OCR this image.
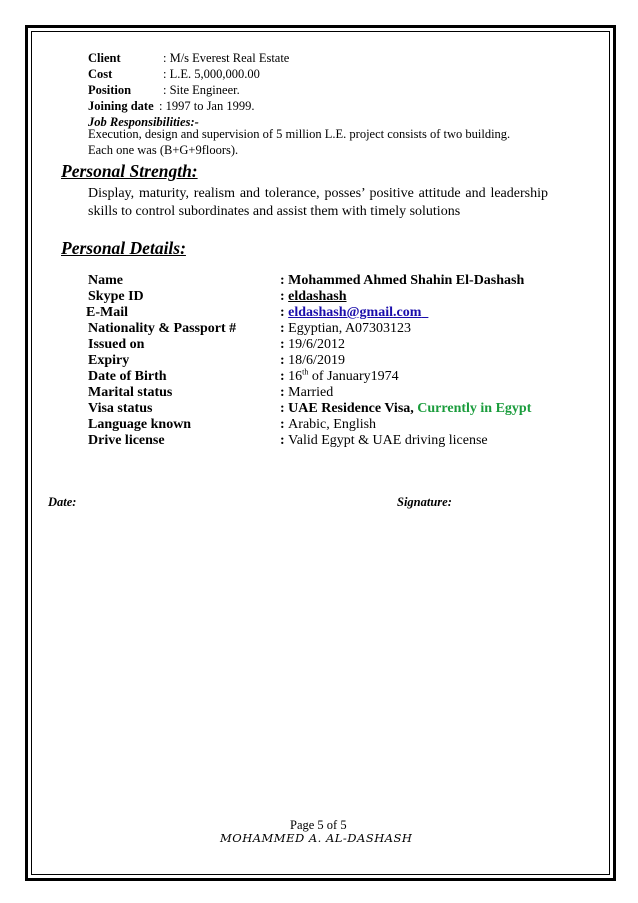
Client	: M/s Everest Real Estate
Cost	: L.E. 5,000,000.00
Position	: Site Engineer.
Joining date : 1997 to Jan 1999.
Job Responsibilities:-
Execution, design and supervision of 5 million L.E. project consists of two building.
Each one was (B+G+9floors).
Personal Strength:
Display, maturity, realism and tolerance, posses’ positive attitude and leadership
skills to control subordinates and assist them with timely solutions
Personal Details:
Name	: Mohammed Ahmed Shahin El-Dashash
Skype ID	: eldashash
E-Mail	: eldashash@gmail.com
Nationality & Passport #	: Egyptian, A07303123
Issued on	: 19/6/2012
Expiry	: 18/6/2019
Date of Birth	: 16th of January1974
Marital status	: Married
Visa status	: UAE Residence Visa, Currently in Egypt
Language known	: Arabic, English
Drive license	: Valid Egypt & UAE driving license
Date:	Signature:
Page 5 of 5
MOHAMMED A. AL-DASHASH
